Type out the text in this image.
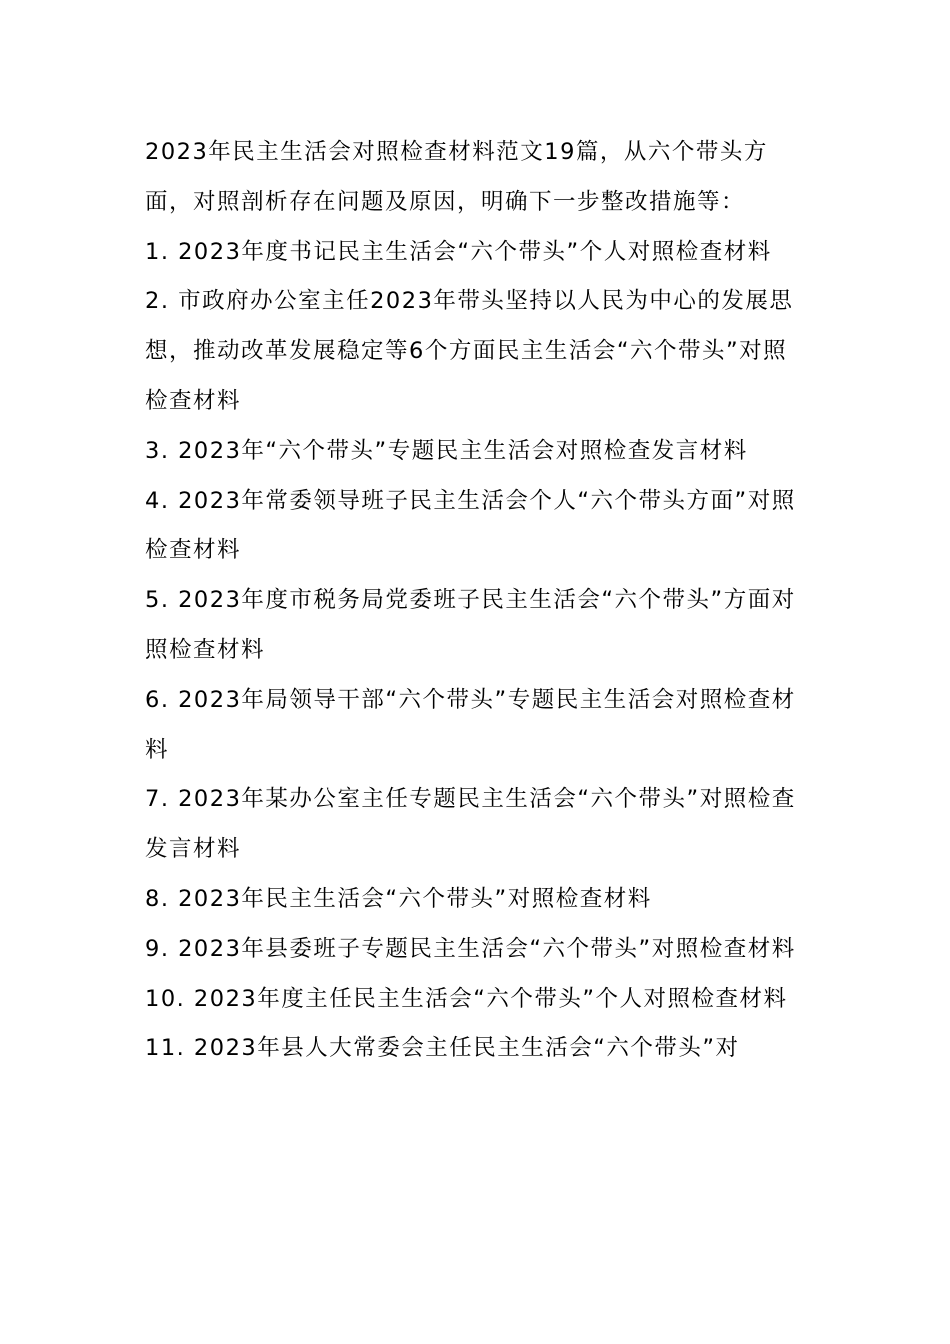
2023年民主生活会对照检查材料范文19篇，从六个带头方面，对照剖析存在问题及原因，明确下一步整改措施等：

1. 2023年度书记民主生活会“六个带头”个人对照检查材料

2. 市政府办公室主任2023年带头坚持以人民为中心的发展思想，推动改革发展稳定等6个方面民主生活会“六个带头”对照检查材料

3. 2023年“六个带头”专题民主生活会对照检查发言材料

4. 2023年常委领导班子民主生活会个人“六个带头方面”对照检查材料

5. 2023年度市税务局党委班子民主生活会“六个带头”方面对照检查材料

6. 2023年局领导干部“六个带头”专题民主生活会对照检查材料

7. 2023年某办公室主任专题民主生活会“六个带头”对照检查发言材料

8. 2023年民主生活会“六个带头”对照检查材料

9. 2023年县委班子专题民主生活会“六个带头”对照检查材料

10. 2023年度主任民主生活会“六个带头”个人对照检查材料

11. 2023年县人大常委会主任民主生活会“六个带头”对
